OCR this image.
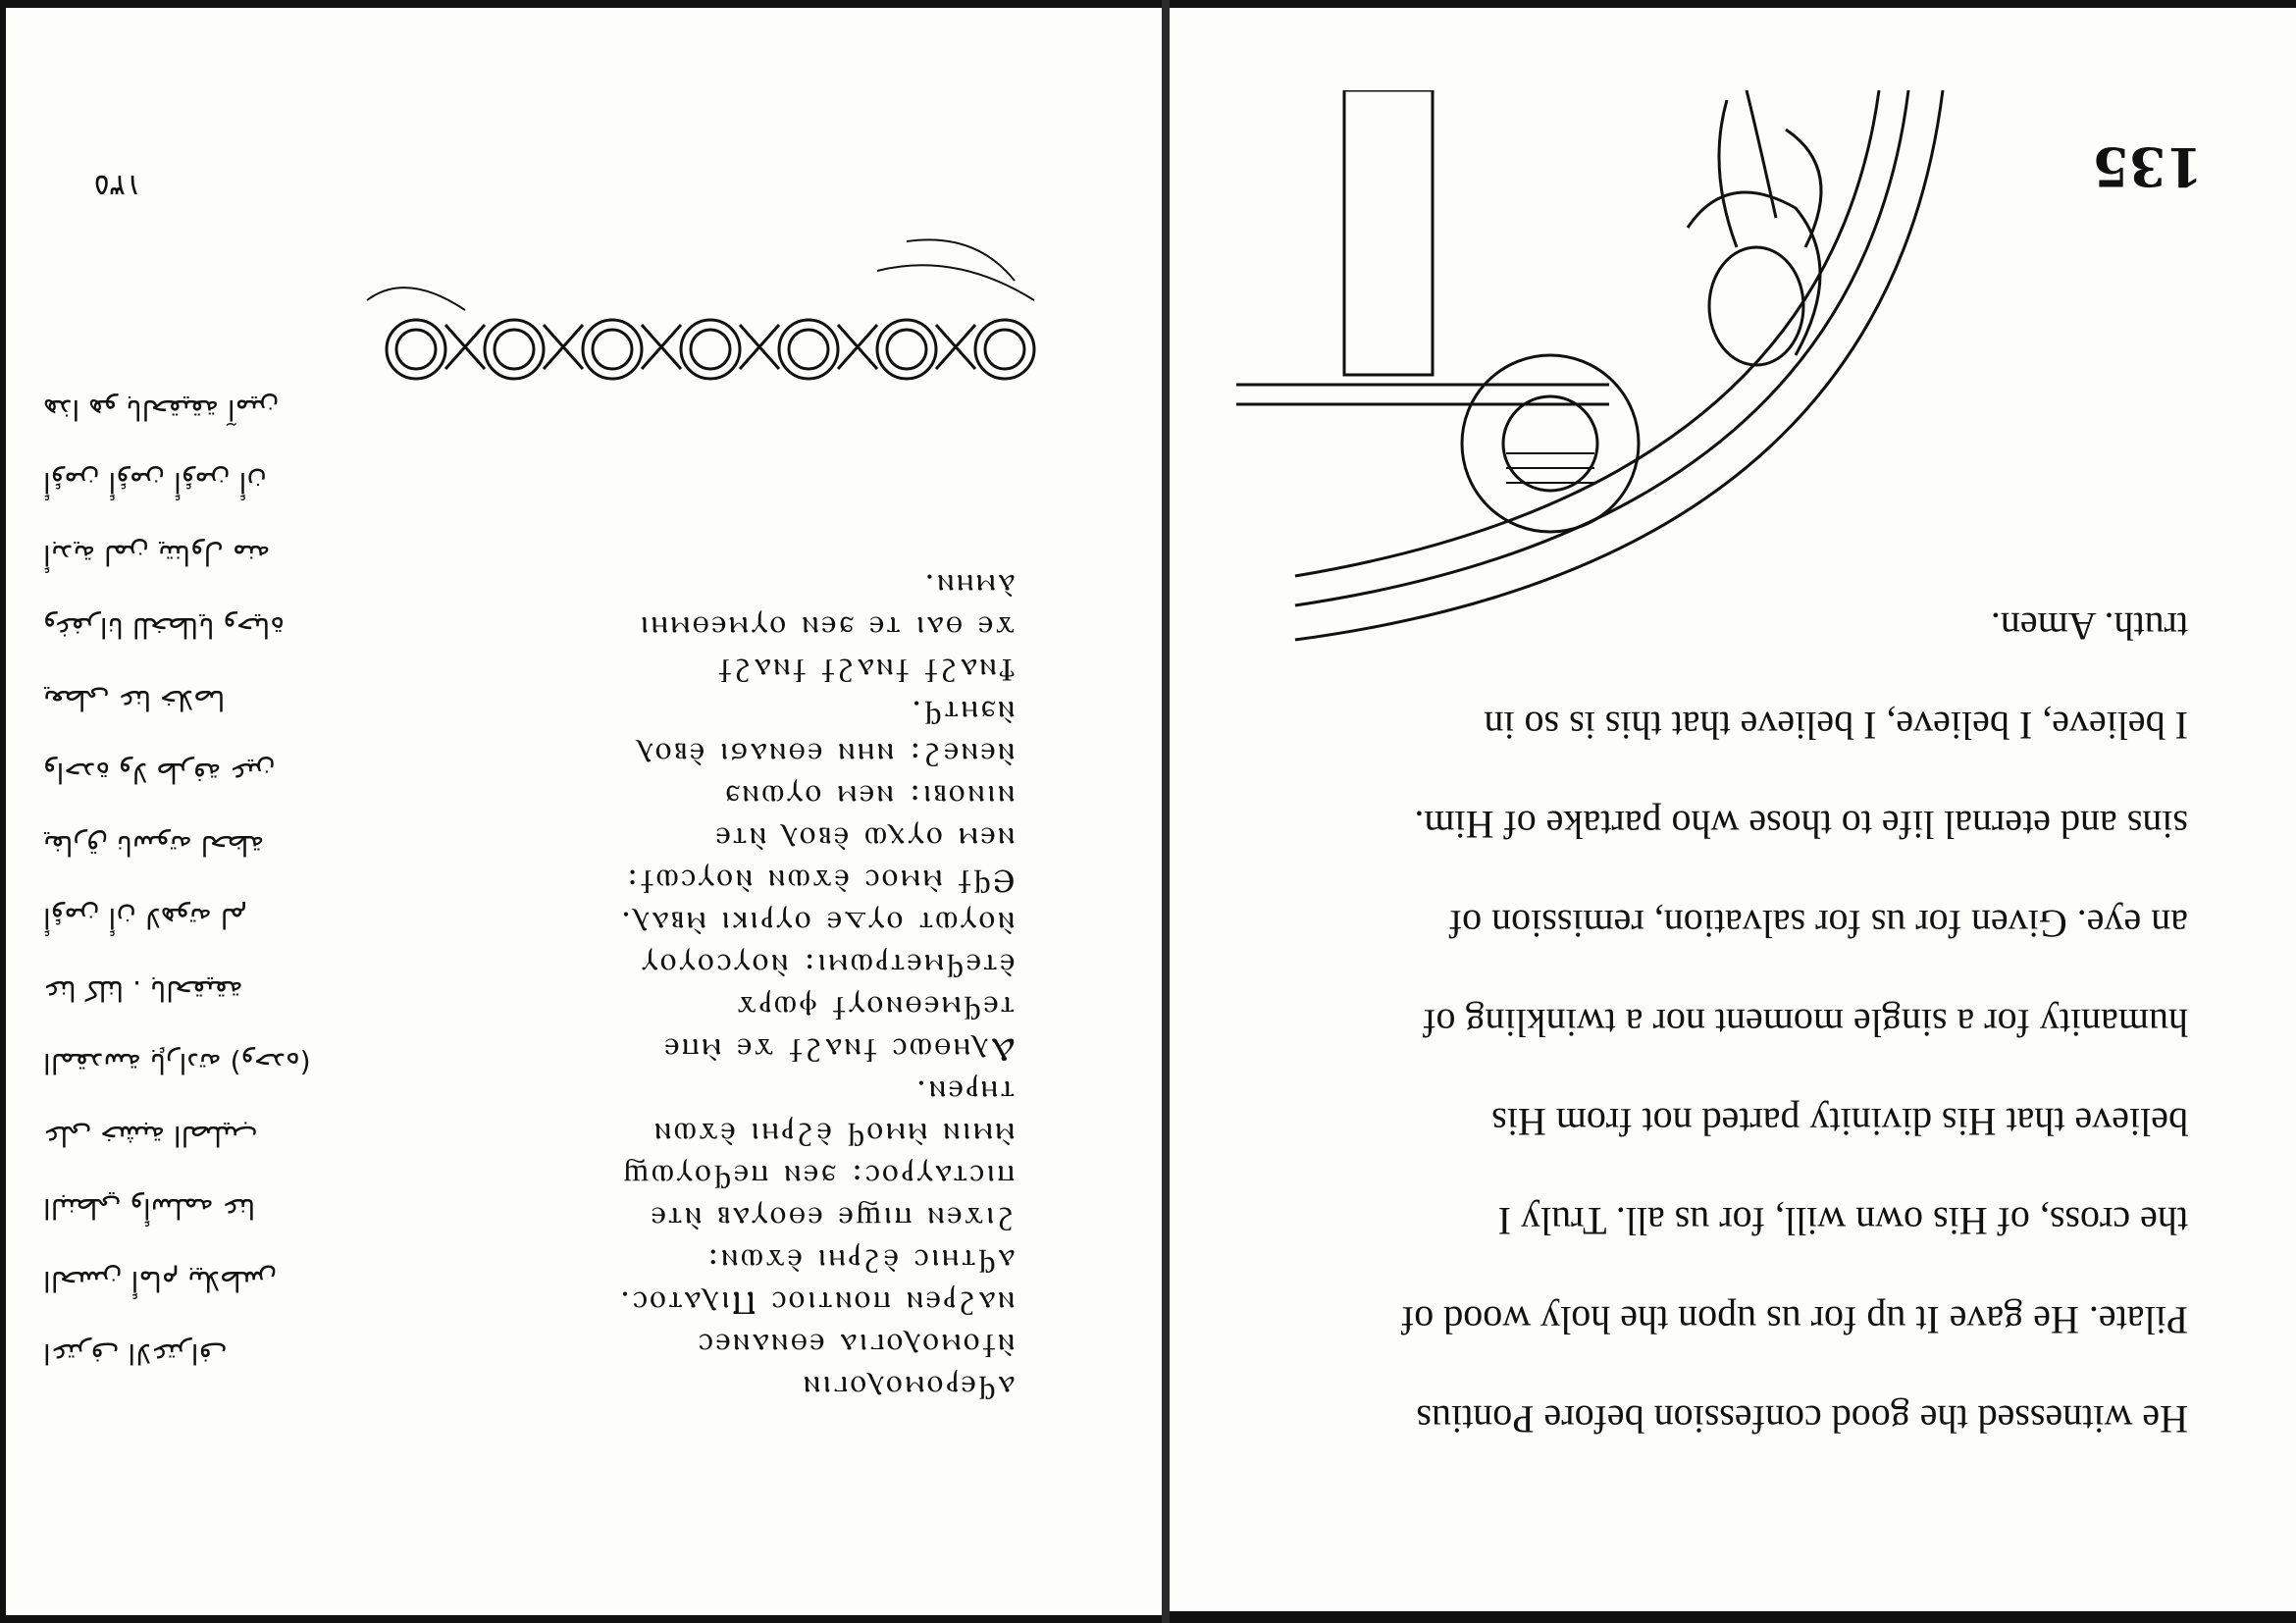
135
He witnessed the good confession before Pontius
Pilate. He gave It up for us upon the holy wood of
the cross, of His own will, for us all. Truly I
believe that His divinity parted not from His
humanity for a single moment nor a twinkling of
an eye. Given for us for salvation, remission of
sins and eternal life to those who partake of Him.
I believe, I believe, I believe that this is so in
truth. Amen.
ⲁϥⲉⲣⲟⲙⲟⲗⲟⲅⲓⲛ
ⲛ̀ϯⲟⲙⲟⲗⲟⲅⲓⲁ ⲉⲑⲛⲁⲛⲉⲥ
ⲛⲁϩⲣⲉⲛ ⲡⲟⲛⲧⲓⲟⲥ Ⲡⲓⲗⲁⲧⲟⲥ.
ⲁϥⲧⲏⲓⲥ ⲉ̀ϩⲣⲏⲓ ⲉ̀ϫⲱⲛ:
ϩⲓϫⲉⲛ ⲡⲓϣⲉ ⲉⲑⲟⲩⲁⲃ ⲛ̀ⲧⲉ
ⲡⲓⲥⲧⲁⲩⲣⲟⲥ: ϧⲉⲛ ⲡⲉϥⲟⲩⲱϣ
ⲙ̀ⲙⲓⲛ ⲙ̀ⲙⲟϥ ⲉ̀ϩⲣⲏⲓ ⲉ̀ϫⲱⲛ
ⲧⲏⲣⲉⲛ.
Ⲁⲗⲏⲑⲱⲥ ϯⲛⲁϩϯ ϫⲉ ⲙ̀ⲡⲉ
ⲧⲉϥⲙⲉⲑⲛⲟⲩϯ ⲫⲱⲣϫ
ⲉ̀ⲧⲉϥⲙⲉⲧⲣⲱⲙⲓ: ⲛ̀ⲟⲩⲥⲟⲩⲟⲩ
ⲛ̀ⲟⲩⲱⲧ ⲟⲩⲇⲉ ⲟⲩⲣⲓⲕⲓ ⲙ̀ⲃⲁⲗ.
Ⲉϥϯ ⲙ̀ⲙⲟⲥ ⲉ̀ϫⲱⲛ ⲛ̀ⲟⲩⲥⲱϯ:
ⲛⲉⲙ ⲟⲩⲭⲱ ⲉ̀ⲃⲟⲗ ⲛ̀ⲧⲉ
ⲛⲓⲛⲟⲃⲓ: ⲛⲉⲙ ⲟⲩⲱⲛϧ
ⲛ̀ⲉⲛⲉϩ: ⲛⲏⲛ ⲉⲑⲛⲁϭⲓ ⲉ̀ⲃⲟⲗ
ⲛ̀ϧⲏⲧϥ.
Ϯⲛⲁϩϯ ϯⲛⲁϩϯ ϯⲛⲁϩϯ
ϫⲉ ⲑⲁⲓ ⲧⲉ ϧⲉⲛ ⲟⲩⲙⲉⲑⲙⲏⲓ
ⲁ̀ⲙⲏⲛ.
اعترف الاعتراف
الحسن أمام بيلاطس
البنطي وأسلمه عنا
على خشبة الصليب
المقدسة بإرادته (وحده)
عنا كلنا . بالحقيقة
أؤمن أن لاهوته لم
يفارق ناسوته لحظة
واحدة ولا طرفة عين
يعطى عنا خلاصا
وغفرانا للخطايا وحياة
أبدية لمن يتناول منه
أؤمن أؤمن أؤمن أن
هذا هو بالحقيقة آمين
١٣٥
